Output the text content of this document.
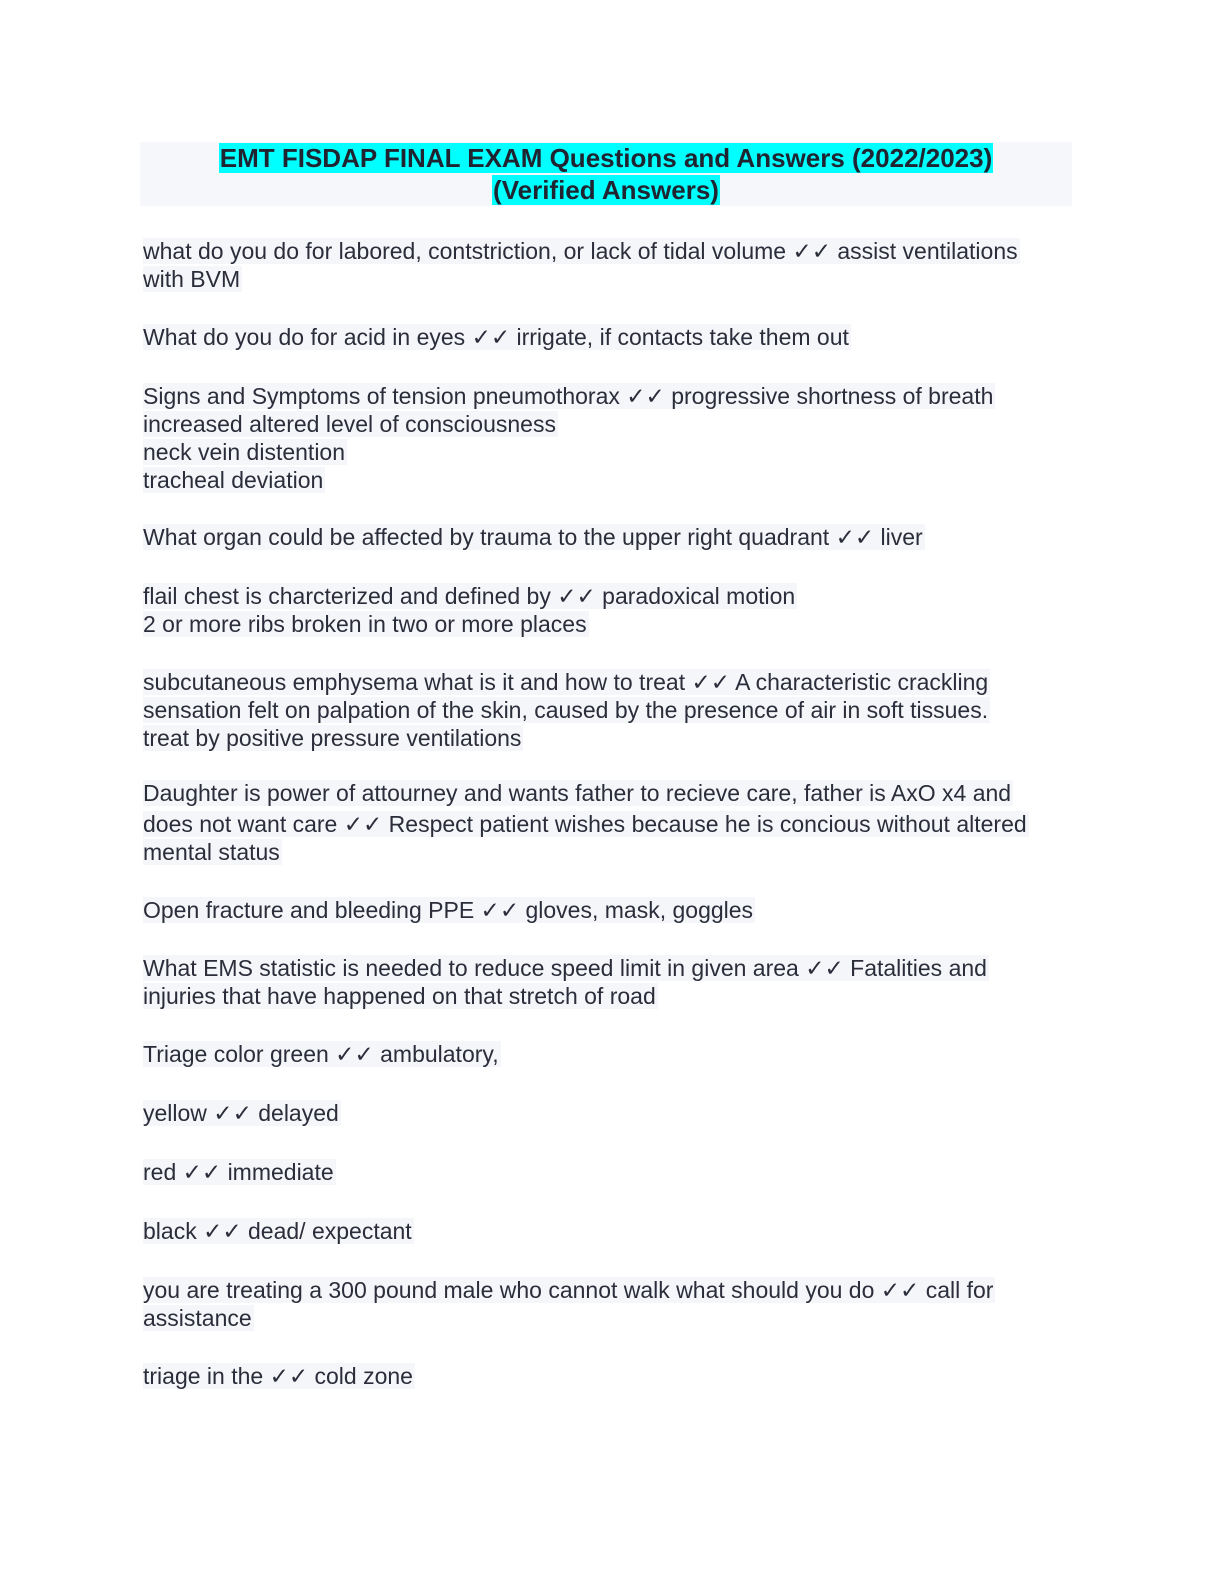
EMT FISDAP FINAL EXAM Questions and Answers (2022/2023)
(Verified Answers)
what do you do for labored, contstriction, or lack of tidal volume ✓✓ assist ventilations
with BVM
What do you do for acid in eyes ✓✓ irrigate, if contacts take them out
Signs and Symptoms of tension pneumothorax ✓✓ progressive shortness of breath
increased altered level of consciousness
neck vein distention
tracheal deviation
What organ could be affected by trauma to the upper right quadrant ✓✓ liver
flail chest is charcterized and defined by ✓✓ paradoxical motion
2 or more ribs broken in two or more places
subcutaneous emphysema what is it and how to treat ✓✓ A characteristic crackling
sensation felt on palpation of the skin, caused by the presence of air in soft tissues.
treat by positive pressure ventilations
Daughter is power of attourney and wants father to recieve care, father is AxO x4 and
does not want care ✓✓ Respect patient wishes because he is concious without altered
mental status
Open fracture and bleeding PPE ✓✓ gloves, mask, goggles
What EMS statistic is needed to reduce speed limit in given area ✓✓ Fatalities and
injuries that have happened on that stretch of road
Triage color green ✓✓ ambulatory,
yellow ✓✓ delayed
red ✓✓ immediate
black ✓✓ dead/ expectant
you are treating a 300 pound male who cannot walk what should you do ✓✓ call for
assistance
triage in the ✓✓ cold zone
